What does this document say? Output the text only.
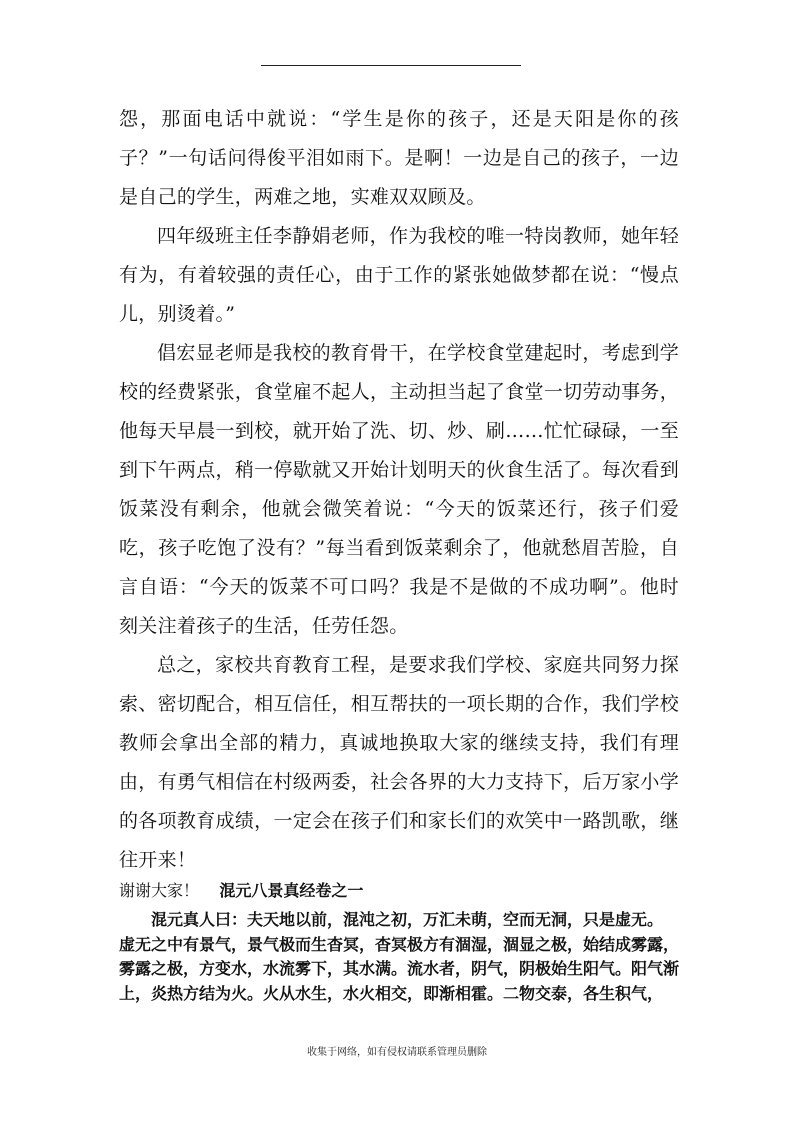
怨，那面电话中就说：“学生是你的孩子，还是天阳是你的孩子？”一句话问得俊平泪如雨下。是啊！一边是自己的孩子，一边是自己的学生，两难之地，实难双双顾及。

四年级班主任李静娟老师，作为我校的唯一特岗教师，她年轻有为，有着较强的责任心，由于工作的紧张她做梦都在说：“慢点儿，别烫着。”

倡宏显老师是我校的教育骨干，在学校食堂建起时，考虑到学校的经费紧张，食堂雇不起人，主动担当起了食堂一切劳动事务，他每天早晨一到校，就开始了洗、切、炒、刷……忙忙碌碌，一至到下午两点，稍一停歇就又开始计划明天的伙食生活了。每次看到饭菜没有剩余，他就会微笑着说：“今天的饭菜还行，孩子们爱吃，孩子吃饱了没有？”每当看到饭菜剩余了，他就愁眉苦脸，自言自语：“今天的饭菜不可口吗？我是不是做的不成功啊”。他时刻关注着孩子的生活，任劳任怨。

总之，家校共育教育工程，是要求我们学校、家庭共同努力探索、密切配合，相互信任，相互帮扶的一项长期的合作，我们学校教师会拿出全部的精力，真诚地换取大家的继续支持，我们有理由，有勇气相信在村级两委，社会各界的大力支持下，后万家小学的各项教育成绩，一定会在孩子们和家长们的欢笑中一路凯歌，继往开来！

谢谢大家！ 混元八景真经卷之一

混元真人曰：夫天地以前，混沌之初，万汇未萌，空而无洞，只是虚无。

虚无之中有景气，景气极而生杳冥，杳冥极方有涸湿，涸显之极，始结成雾露，雾露之极，方变水，水流雾下，其水满。流水者，阴气，阴极始生阳气。阳气渐上，炎热方结为火。火从水生，水火相交，即渐相霍。二物交泰，各生积气，

收集于网络，如有侵权请联系管理员删除
